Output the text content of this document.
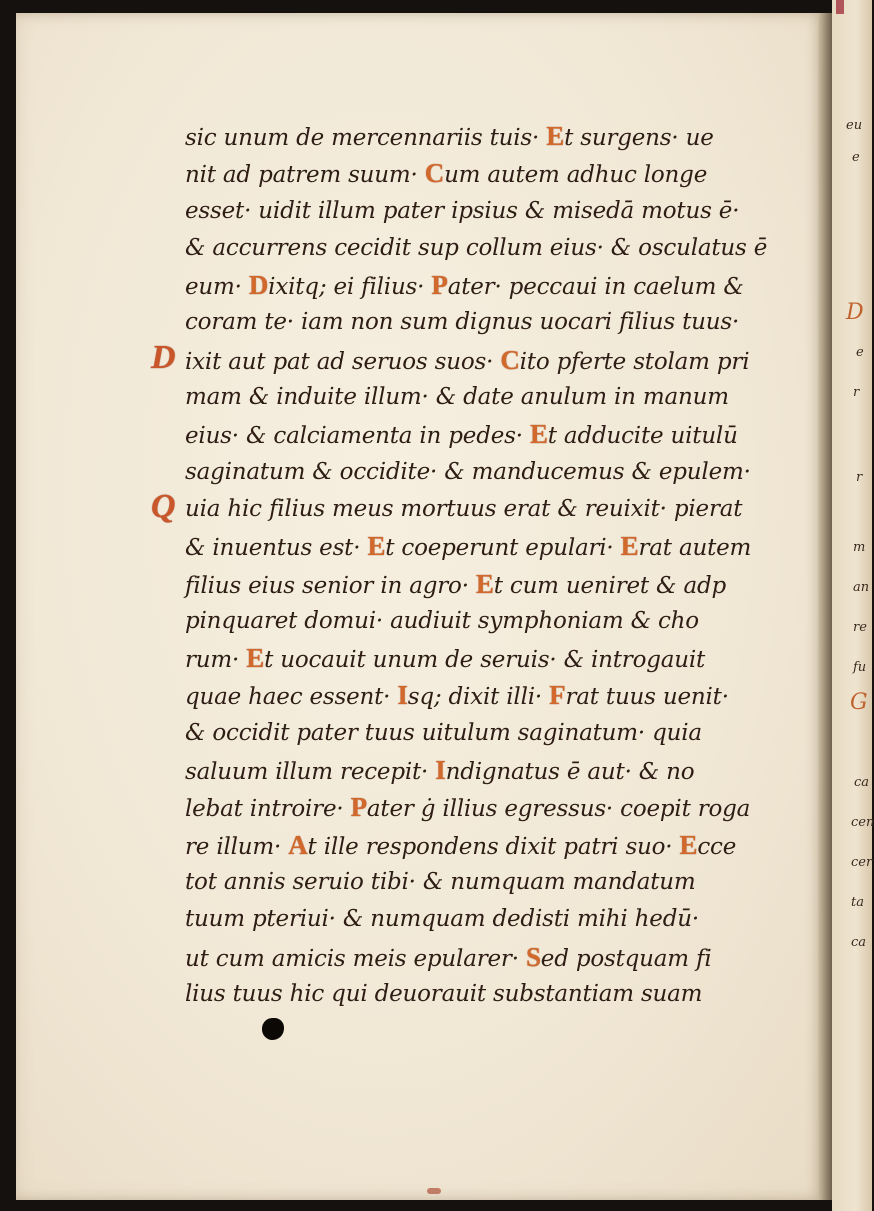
sic unum de mercennariis tuis· Et surgens· ue
nit ad patrem suum· Cum autem adhuc longe
esset· uidit illum pater ipsius & misedā motus ē·
& accurrens cecidit sup collum eius· & osculatus ē
eum· Dixitq; ei filius· Pater· peccaui in caelum &
coram te· iam non sum dignus uocari filius tuus·
D ixit aut pat ad seruos suos· Cito pferte stolam pri
mam & induite illum· & date anulum in manum
eius· & calciamenta in pedes· Et adducite uitulū
saginatum & occidite· & manducemus & epulem·
Q uia hic filius meus mortuus erat & reuixit· pierat
& inuentus est· Et coeperunt epulari· Erat autem
filius eius senior in agro· Et cum ueniret & adp
pinquaret domui· audiuit symphoniam & cho
rum· Et uocauit unum de seruis· & introgauit
quae haec essent· Isq; dixit illi· Frat tuus uenit·
& occidit pater tuus uitulum saginatum· quia
saluum illum recepit· Indignatus ē aut· & no
lebat introire· Pater ġ illius egressus· coepit roga
re illum· At ille respondens dixit patri suo· Ecce
tot annis seruio tibi· & numquam mandatum
tuum pteriui· & numquam dedisti mihi hedū·
ut cum amicis meis epularer· Sed postquam fi
lius tuus hic qui deuorauit substantiam suam
eu
e
D
e
r
r
m
an
re
fu
G
ca
cen
cer
ta
ca
